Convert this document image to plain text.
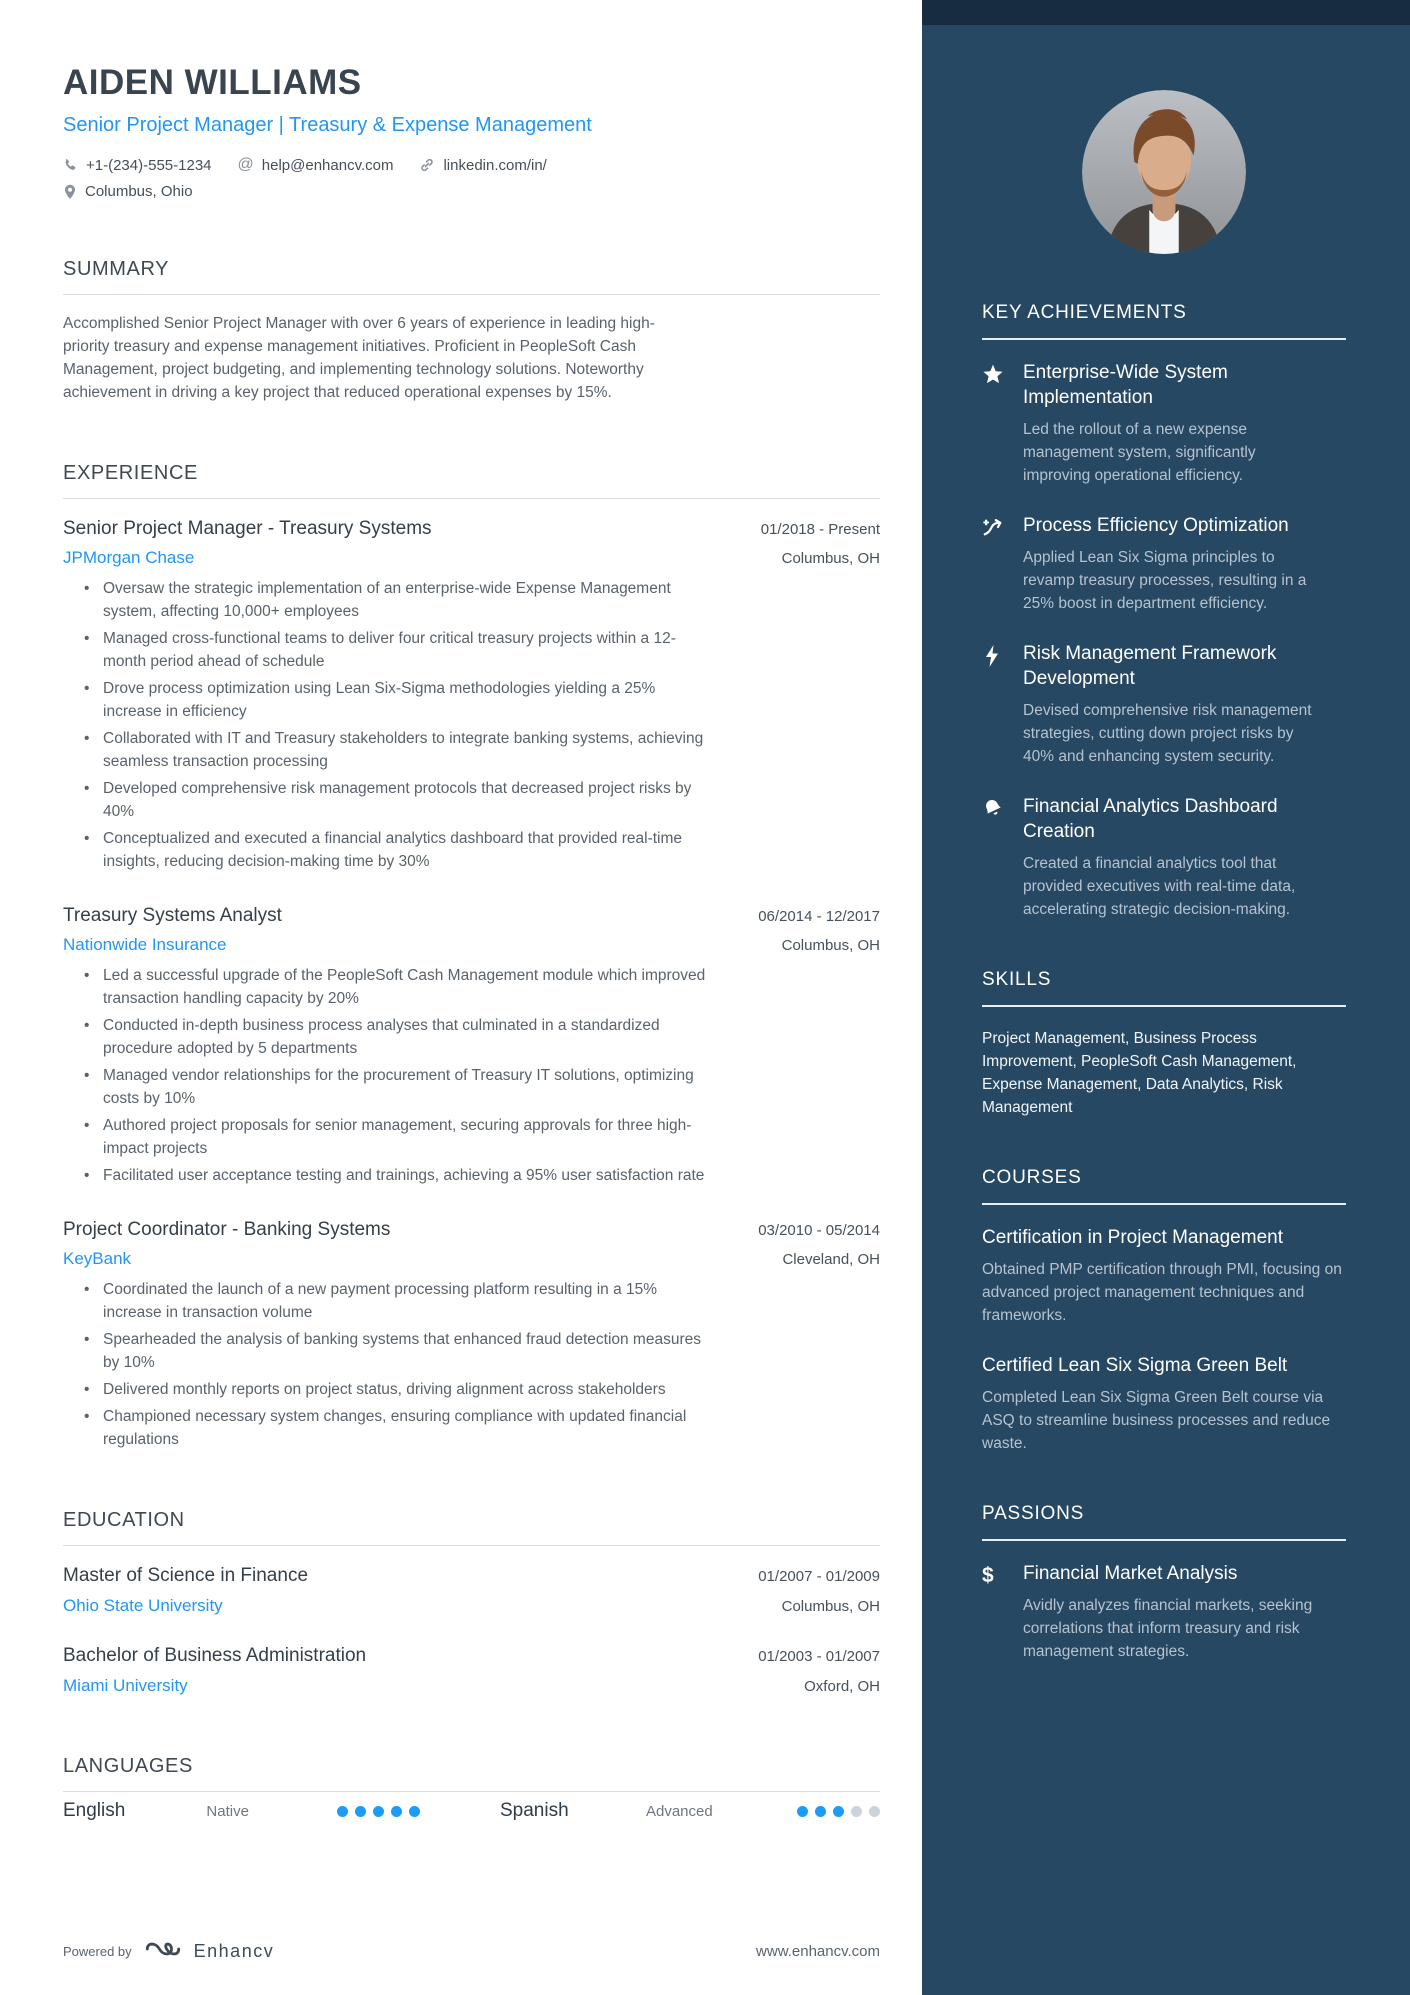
AIDEN WILLIAMS
Senior Project Manager | Treasury & Expense Management
+1-(234)-555-1234 @ help@enhancv.com	linkedin.com/in/
Columbus, Ohio
SUMMARY

Accomplished Senior Project Manager with over 6 years of experience in leading high-priority treasury and expense management initiatives. Proficient in PeopleSoft Cash Management, project budgeting, and implementing technology solutions. Noteworthy achievement in driving a key project that reduced operational expenses by 15%.

EXPERIENCE
Senior Project Manager - Treasury Systems	01/2018 - Present
JPMorgan Chase	Columbus, OH
• Oversaw the strategic implementation of an enterprise-wide Expense Management system, affecting 10,000+ employees
• Managed cross-functional teams to deliver four critical treasury projects within a 12-month period ahead of schedule
• Drove process optimization using Lean Six-Sigma methodologies yielding a 25% increase in efficiency
• Collaborated with IT and Treasury stakeholders to integrate banking systems, achieving seamless transaction processing
• Developed comprehensive risk management protocols that decreased project risks by 40%
• Conceptualized and executed a financial analytics dashboard that provided real-time insights, reducing decision-making time by 30%
Treasury Systems Analyst	06/2014 - 12/2017
Nationwide Insurance	Columbus, OH
• Led a successful upgrade of the PeopleSoft Cash Management module which improved transaction handling capacity by 20%
• Conducted in-depth business process analyses that culminated in a standardized procedure adopted by 5 departments
• Managed vendor relationships for the procurement of Treasury IT solutions, optimizing costs by 10%
• Authored project proposals for senior management, securing approvals for three high-impact projects
• Facilitated user acceptance testing and trainings, achieving a 95% user satisfaction rate
Project Coordinator - Banking Systems	03/2010 - 05/2014
KeyBank	Cleveland, OH
• Coordinated the launch of a new payment processing platform resulting in a 15% increase in transaction volume
• Spearheaded the analysis of banking systems that enhanced fraud detection measures by 10%
• Delivered monthly reports on project status, driving alignment across stakeholders
• Championed necessary system changes, ensuring compliance with updated financial regulations
EDUCATION
Master of Science in Finance	01/2007 - 01/2009
Ohio State University	Columbus, OH
Bachelor of Business Administration	01/2003 - 01/2007
Miami University	Oxford, OH
LANGUAGES
English	Native	Spanish	Advanced
Powered by	Enhancv	www.enhancv.com
KEY ACHIEVEMENTS
Enterprise-Wide System Implementation
Led the rollout of a new expense management system, significantly improving operational efficiency.
Process Efficiency Optimization
Applied Lean Six Sigma principles to revamp treasury processes, resulting in a 25% boost in department efficiency.
Risk Management Framework Development
Devised comprehensive risk management strategies, cutting down project risks by 40% and enhancing system security.
Financial Analytics Dashboard Creation
Created a financial analytics tool that provided executives with real-time data, accelerating strategic decision-making.
SKILLS

Project Management, Business Process Improvement, PeopleSoft Cash Management, Expense Management, Data Analytics, Risk Management

COURSES
Certification in Project Management
Obtained PMP certification through PMI, focusing on advanced project management techniques and frameworks.
Certified Lean Six Sigma Green Belt
Completed Lean Six Sigma Green Belt course via ASQ to streamline business processes and reduce waste.
PASSIONS
$	Financial Market Analysis
Avidly analyzes financial markets, seeking correlations that inform treasury and risk management strategies.
